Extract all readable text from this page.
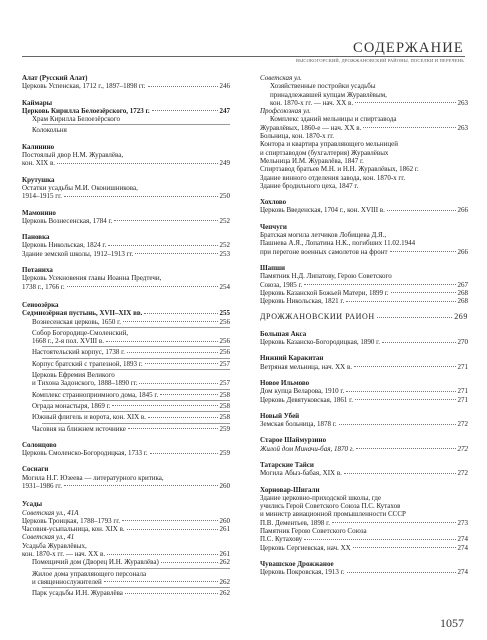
СОДЕРЖАНИЕ
ВЫСОКОГОРСКИЙ, ДРОЖЖАНОВСКИЙ РАЙОНЫ, ПОСЕЛКИ И ПЕРЕЧЕНЬ
Алат (Русский Алат)
Церковь Успенская, 1712 г., 1897–1898 гг.	246
Каймары
Церковь Кирилла Белоезёрского, 1723 г.	247
Храм Кирилла Белоезёрского
Колокольня
Калинино
Постоялый двор Н.М. Журавлёва,
кон. XIX в.	249
Крутушка
Остатки усадьбы М.И. Оконишникова,
1914–1915 гг.	250
Мамонино
Церковь Вознесенская, 1784 г.	252
Пановка
Церковь Никольская, 1824 г.	252
Здание земской школы, 1912–1913 гг.	253
Потаниха
Церковь Усекновения главы Иоанна Предтечи,
1738 г., 1766 г.	254
Сеиоозёрка
Седмиозёрная пустынь, XVII–XIX вв.	255
Вознесенская церковь, 1650 г.	256
Собор Богородице-Смоленский,
1668 г., 2-я пол. XVIII в.	256
Настоятельский корпус, 1738 г.	256
Корпус братский с трапезной, 1893 г.	257
Церковь Ефремия Великого
и Тихона Задонского, 1888–1890 гг.	257
Комплекс странноприимного дома, 1845 г.	258
Ограда монастыря, 1869 г.	258
Южный флигель и ворота, кон. XIX в.	258
Часовня на ближнем источнике	259
Солонцово
Церковь Смоленско-Богородицкая, 1733 г.	259
Соснаги
Могила Н.Г. Юзеева — литературного критика,
1931–1986 гг.	260
Усады
Советская ул., 41А
Церковь Троицкая, 1788–1793 гг.	260
Часовня-усыпальница, кон. XIX в.	261
Советская ул., 41
Усадьба Журавлёвых,
кон. 1870-х гг. — нач. XX в.	261
Помещичий дом (Дворец И.Н. Журавлёва)	262
Жилое дома управляющего персонала
и священнослужителей	262
Парк усадьбы И.Н. Журавлёва	262
Советская ул.
Хозяйственные постройки усадьбы
принадлежавшей купцам Журавлёвым,
кон. 1870-х гг. — нач. XX в.	263
Профсоюзная ул.
Комплекс зданий мельницы и спиртзавода
Журавлёвых, 1860-е — нач. XX в.	263
Больница, кон. 1870-х гг.
Контора и квартира управляющего мельницей
и спиртзаводом (бухгалтерия) Журавлёвых
Мельница И.М. Журавлёва, 1847 г.
Спиртзавод братьев М.Н. и Н.Н. Журавлёвых, 1862 г.
Здание винного отделения завода, кон. 1870-х гг.
Здание бродильного цеха, 1847 г.
Хохлово
Церковь Введенская, 1704 г., кон. XVIII в.	266
Чепчуги
Братская могила летчиков Лобищева Д.Я.,
Пашнева А.Я., Лопатина Н.К., погибших 11.02.1944
при перегоне военных самолетов на фронт	266
Шапши
Памятник Н.Д. Липатову, Герою Советского
Союза, 1985 г.	267
Церковь Казанской Божьей Матери, 1899 г.	268
Церковь Никольская, 1821 г.	268
ДРОЖЖАНОВСКИЙ РАЙОН	269
Большая Акса
Церковь Казанско-Богородицкая, 1890 г.	270
Нижний Каракитан
Ветряная мельница, нач. XX в.	271
Новое Ильмово
Дом купца Веларова, 1910 г.	271
Церковь Девятуковская, 1861 г.	271
Новый Убей
Земская больница, 1878 г.	272
Старое Шаймурзино
Жилой дом Миначи-бая, 1870 г.	272
Татарские Тайси
Могила Абыз-бабая, XIX в.	272
Хорновар-Шигали
Здание церковно-приходской школы, где
учились Герой Советского Союза П.С. Кутахов
и министр авиационной промышленности СССР
П.В. Дементьев, 1898 г.	273
Памятник Герою Советского Союза
П.С. Кутахову	274
Церковь Сергиевская, нач. XX	274
Чувашское Дрожжаное
Церковь Покровская, 1913 г.	274
1057
